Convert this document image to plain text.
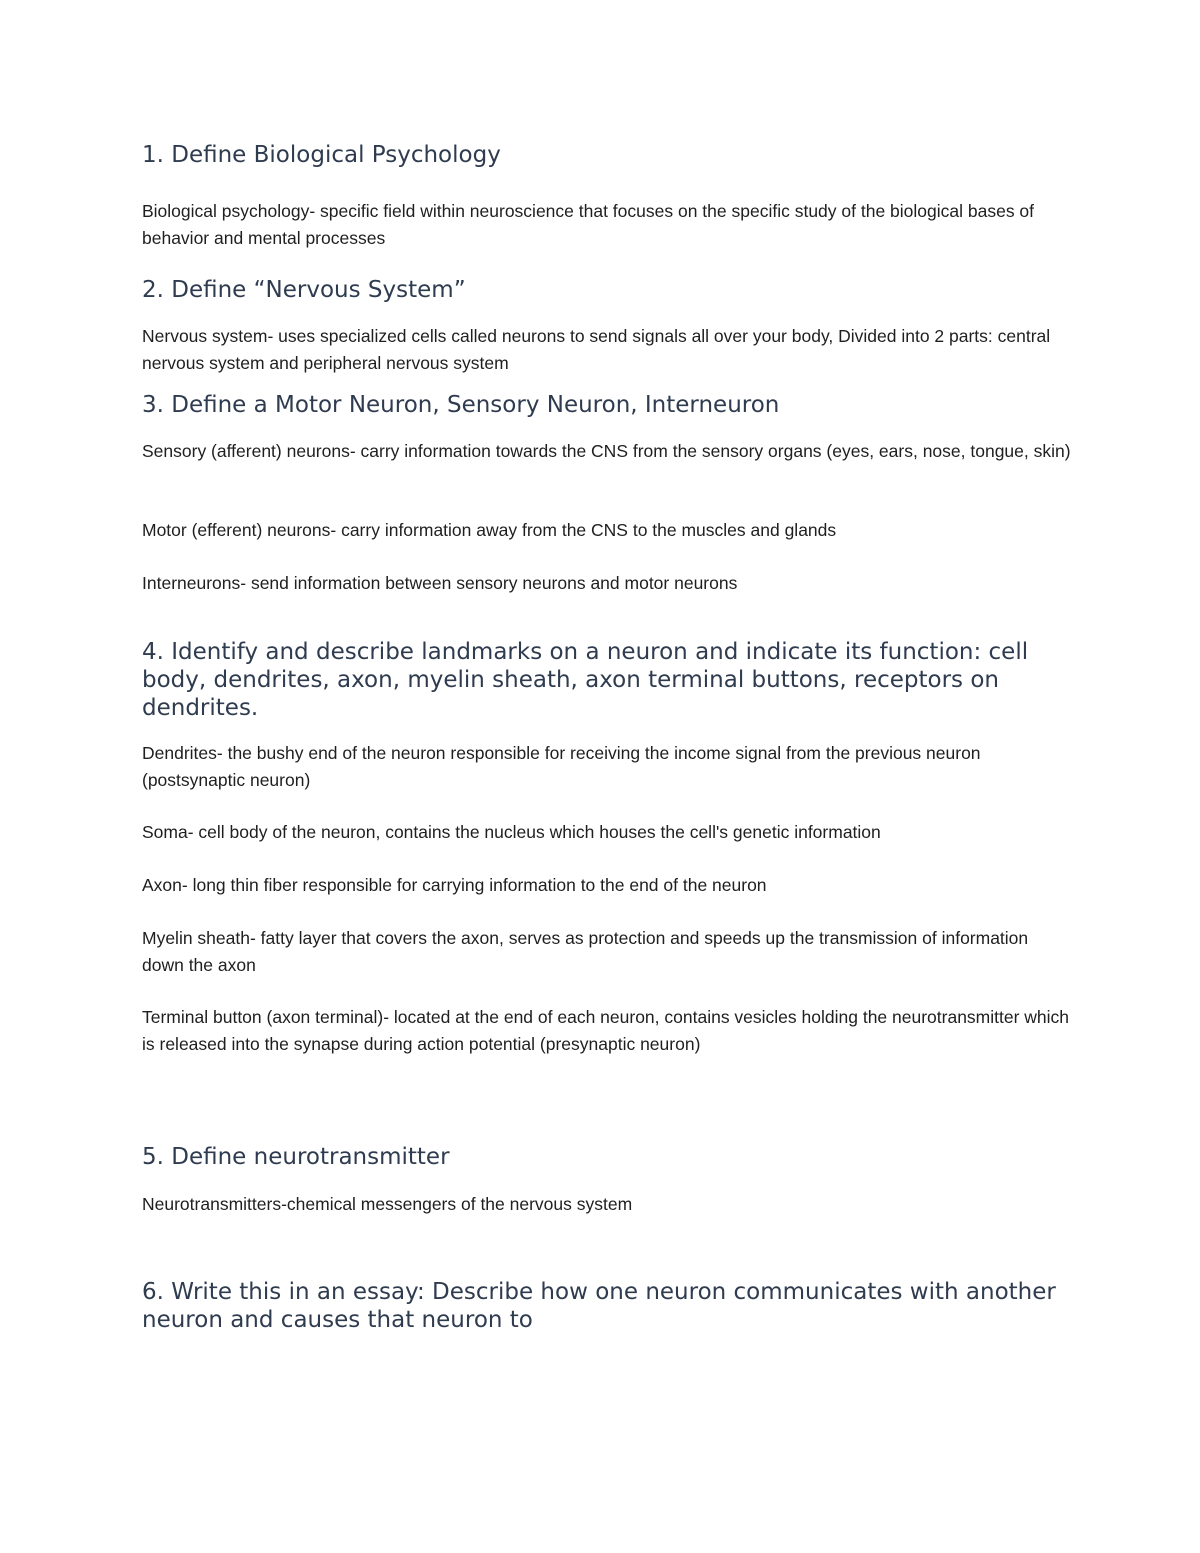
1. Define Biological Psychology

Biological psychology- specific field within neuroscience that focuses on the specific study of the biological bases of behavior and mental processes

2. Define “Nervous System”

Nervous system- uses specialized cells called neurons to send signals all over your body, Divided into 2 parts: central nervous system and peripheral nervous system

3. Define a Motor Neuron, Sensory Neuron, Interneuron

Sensory (afferent) neurons- carry information towards the CNS from the sensory organs (eyes, ears, nose, tongue, skin)

Motor (efferent) neurons- carry information away from the CNS to the muscles and glands

Interneurons- send information between sensory neurons and motor neurons

4. Identify and describe landmarks on a neuron and indicate its function: cell body, dendrites, axon, myelin sheath, axon terminal buttons, receptors on dendrites.

Dendrites- the bushy end of the neuron responsible for receiving the income signal from the previous neuron (postsynaptic neuron)

Soma- cell body of the neuron, contains the nucleus which houses the cell's genetic information

Axon- long thin fiber responsible for carrying information to the end of the neuron

Myelin sheath- fatty layer that covers the axon, serves as protection and speeds up the transmission of information down the axon

Terminal button (axon terminal)- located at the end of each neuron, contains vesicles holding the neurotransmitter which is released into the synapse during action potential (presynaptic neuron)

5. Define neurotransmitter

Neurotransmitters-chemical messengers of the nervous system

6. Write this in an essay: Describe how one neuron communicates with another neuron and causes that neuron to
